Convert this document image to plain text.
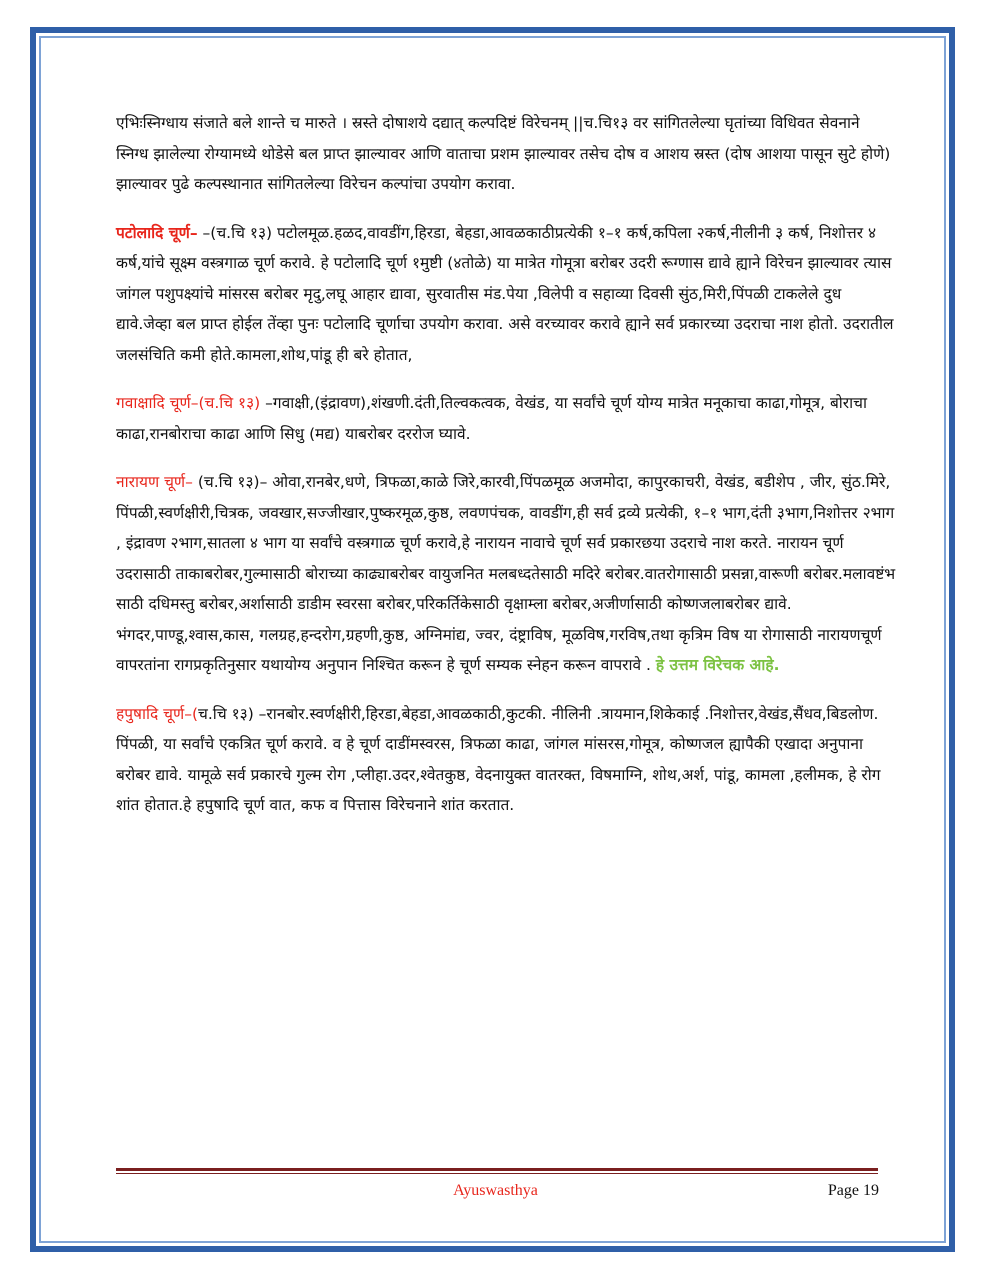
एभिःस्निग्धाय संजाते बले शान्ते च मारुते । स्रस्ते दोषाशये दद्यात् कल्पदिष्टं विरेचनम् ||च.चि१३ वर सांगितलेल्या घृतांच्या विधिवत सेवनाने स्निग्ध झालेल्या रोग्यामध्ये थोडेसे बल प्राप्त झाल्यावर आणि वाताचा प्रशम झाल्यावर तसेच दोष व आशय स्रस्त (दोष आशया पासून सुटे होणे) झाल्यावर पुढे कल्पस्थानात सांगितलेल्या विरेचन कल्पांचा उपयोग करावा.

पटोलादि चूर्ण– –(च.चि १३) पटोलमूळ.हळद,वावडींग,हिरडा, बेहडा,आवळकाठीप्रत्येकी १–१ कर्ष,कपिला २कर्ष,नीलीनी ३ कर्ष, निशोत्तर ४ कर्ष,यांचे सूक्ष्म वस्त्रगाळ चूर्ण करावे. हे पटोलादि चूर्ण १मुष्टी (४तोळे) या मात्रेत गोमूत्रा बरोबर उदरी रूग्णास द्यावे ह्याने विरेचन झाल्यावर त्यास जांगल पशुपक्ष्यांचे मांसरस बरोबर मृदु,लघू आहार द्यावा, सुरवातीस मंड.पेया ,विलेपी व सहाव्या दिवसी सुंठ,मिरी,पिंपळी टाकलेले दुध द्यावे.जेव्हा बल प्राप्त होईल तेंव्हा पुनः पटोलादि चूर्णाचा उपयोग करावा. असे वरच्यावर करावे ह्याने सर्व प्रकारच्या उदराचा नाश होतो. उदरातील जलसंचिति कमी होते.कामला,शोथ,पांडू ही बरे होतात,

गवाक्षादि चूर्ण–(च.चि १३) –गवाक्षी,(इंद्रावण),शंखणी.दंती,तिल्वकत्वक, वेखंड, या सर्वांचे चूर्ण योग्य मात्रेत मनूकाचा काढा,गोमूत्र, बोराचा काढा,रानबोराचा काढा आणि सिधु (मद्य) याबरोबर दररोज घ्यावे.

नारायण चूर्ण– (च.चि १३)– ओवा,रानबेर,धणे, त्रिफळा,काळे जिरे,कारवी,पिंपळमूळ अजमोदा, कापुरकाचरी, वेखंड, बडीशेप , जीर, सुंठ.मिरे, पिंपळी,स्वर्णक्षीरी,चित्रक, जवखार,सज्जीखार,पुष्करमूळ,कुष्ठ, लवणपंचक, वावडींग,ही सर्व द्रव्ये प्रत्येकी, १–१ भाग,दंती ३भाग,निशोत्तर २भाग , इंद्रावण २भाग,सातला ४ भाग या सर्वांचे वस्त्रगाळ चूर्ण करावे,हे नारायन नावाचे चूर्ण सर्व प्रकारछया उदराचे नाश करते. नारायन चूर्ण उदरासाठी ताकाबरोबर,गुल्मासाठी बोराच्या काढ्याबरोबर वायुजनित मलबध्दतेसाठी मदिरे बरोबर.वातरोगासाठी प्रसन्ना,वारूणी बरोबर.मलावष्टंभ साठी दधिमस्तु बरोबर,अर्शासाठी डाडीम स्वरसा बरोबर,परिकर्तिकेसाठी वृक्षाम्ला बरोबर,अजीर्णासाठी कोष्णजलाबरोबर द्यावे.

भंगदर,पाण्डू,श्वास,कास, गलग्रह,हन्दरोग,ग्रहणी,कुष्ठ, अग्निमांद्य, ज्वर, दंष्ट्राविष, मूळविष,गरविष,तथा कृत्रिम विष या रोगासाठी नारायणचूर्ण वापरतांना रागप्रकृतिनुसार यथायोग्य अनुपान निश्चित करून हे चूर्ण सम्यक स्नेहन करून वापरावे . हे उत्तम विरेचक आहे.

हपुषादि चूर्ण–(च.चि १३) –रानबोर.स्वर्णक्षीरी,हिरडा,बेहडा,आवळकाठी,कुटकी. नीलिनी .त्रायमान,शिकेकाई .निशोत्तर,वेखंड,सैंधव,बिडलोण. पिंपळी, या सर्वांचे एकत्रित चूर्ण करावे. व हे चूर्ण दाडींमस्वरस, त्रिफळा काढा, जांगल मांसरस,गोमूत्र, कोष्णजल ह्यापैकी एखादा अनुपाना बरोबर द्यावे. यामूळे सर्व प्रकारचे गुल्म रोग ,प्लीहा.उदर,श्वेतकुष्ठ, वेदनायुक्त वातरक्त, विषमाग्नि, शोथ,अर्श, पांडू, कामला ,हलीमक, हे रोग शांत होतात.हे हपुषादि चूर्ण वात, कफ व पित्तास विरेचनाने शांत करतात.

Ayuswasthya	Page 19
